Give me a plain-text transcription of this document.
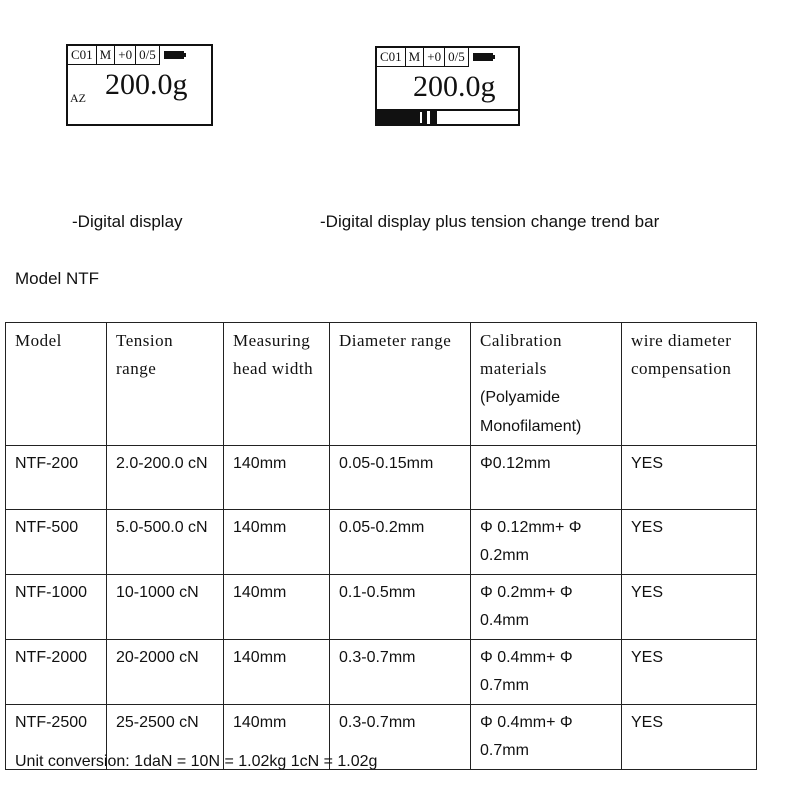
C01 M +0 0/5
200.0g
AZ
C01 M +0 0/5
200.0g
-Digital display	-Digital display plus tension change trend bar
Model NTF
Model	Tension range	Measuring head width	Diameter range	Calibration materials (Polyamide Monofilament)	wire diameter compensation
NTF-200	2.0-200.0 cN	140mm	0.05-0.15mm	Φ0.12mm	YES
NTF-500	5.0-500.0 cN	140mm	0.05-0.2mm	Φ 0.12mm+ Φ 0.2mm	YES
NTF-1000	10-1000 cN	140mm	0.1-0.5mm	Φ 0.2mm+ Φ 0.4mm	YES
NTF-2000	20-2000 cN	140mm	0.3-0.7mm	Φ 0.4mm+ Φ 0.7mm	YES
NTF-2500	25-2500 cN	140mm	0.3-0.7mm	Φ 0.4mm+ Φ 0.7mm	YES
Unit conversion: 1daN = 10N = 1.02kg 1cN = 1.02g
